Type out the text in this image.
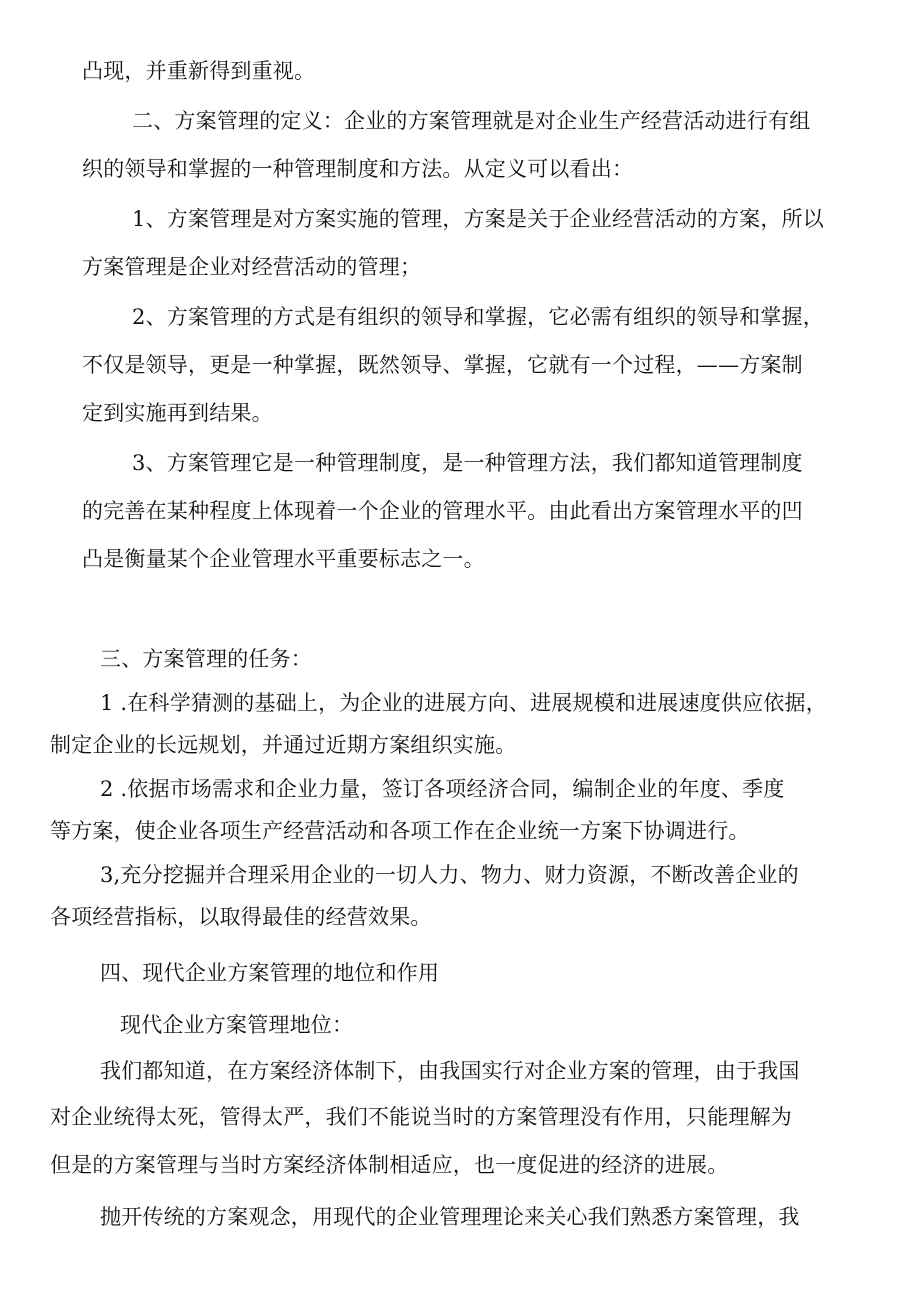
凸现，并重新得到重视。
二、方案管理的定义：企业的方案管理就是对企业生产经营活动进行有组
织的领导和掌握的一种管理制度和方法。从定义可以看出：
1、方案管理是对方案实施的管理，方案是关于企业经营活动的方案，所以
方案管理是企业对经营活动的管理；
2、方案管理的方式是有组织的领导和掌握，它必需有组织的领导和掌握，
不仅是领导，更是一种掌握，既然领导、掌握，它就有一个过程，——方案制
定到实施再到结果。
3、方案管理它是一种管理制度，是一种管理方法，我们都知道管理制度
的完善在某种程度上体现着一个企业的管理水平。由此看出方案管理水平的凹
凸是衡量某个企业管理水平重要标志之一。
三、方案管理的任务：
1 .在科学猜测的基础上，为企业的进展方向、进展规模和进展速度供应依据，
制定企业的长远规划，并通过近期方案组织实施。
2 .依据市场需求和企业力量，签订各项经济合同，编制企业的年度、季度
等方案，使企业各项生产经营活动和各项工作在企业统一方案下协调进行。
3,充分挖掘并合理采用企业的一切人力、物力、财力资源，不断改善企业的
各项经营指标，以取得最佳的经营效果。
四、现代企业方案管理的地位和作用
现代企业方案管理地位：
我们都知道，在方案经济体制下，由我国实行对企业方案的管理，由于我国
对企业统得太死，管得太严，我们不能说当时的方案管理没有作用，只能理解为
但是的方案管理与当时方案经济体制相适应，也一度促进的经济的进展。
抛开传统的方案观念，用现代的企业管理理论来关心我们熟悉方案管理，我
